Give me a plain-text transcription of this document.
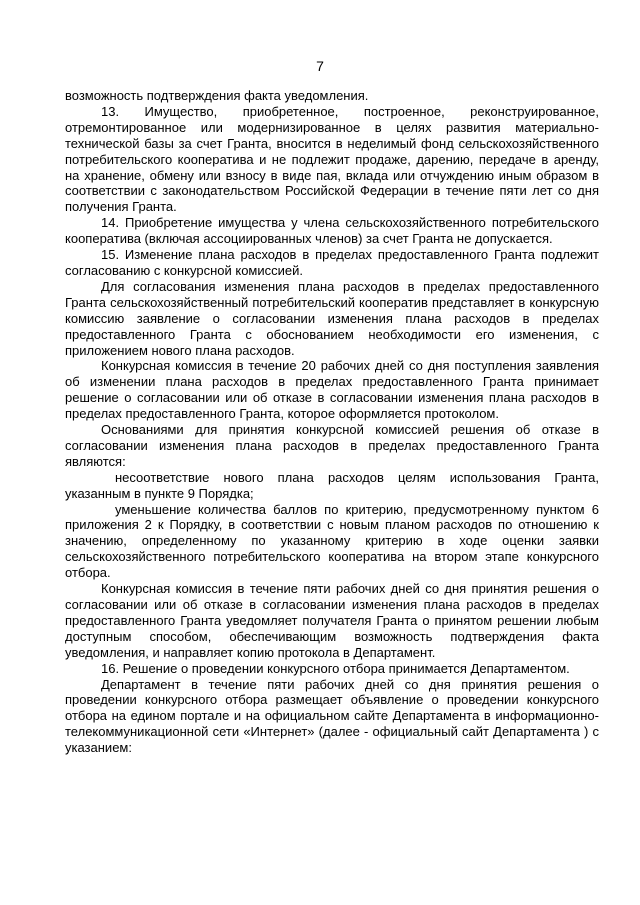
7

возможность подтверждения факта уведомления.

13. Имущество, приобретенное, построенное, реконструированное, отремонтированное или модернизированное в целях развития материально-технической базы за счет Гранта, вносится в неделимый фонд сельскохозяйственного потребительского кооператива и не подлежит продаже, дарению, передаче в аренду, на хранение, обмену или взносу в виде пая, вклада или отчуждению иным образом в соответствии с законодательством Российской Федерации в течение пяти лет со дня получения Гранта.

14. Приобретение имущества у члена сельскохозяйственного потребительского кооператива (включая ассоциированных членов) за счет Гранта не допускается.

15. Изменение плана расходов в пределах предоставленного Гранта подлежит согласованию с конкурсной комиссией.

Для согласования изменения плана расходов в пределах предоставленного Гранта сельскохозяйственный потребительский кооператив представляет в конкурсную комиссию заявление о согласовании изменения плана расходов в пределах предоставленного Гранта с обоснованием необходимости его изменения, с приложением нового плана расходов.

Конкурсная комиссия в течение 20 рабочих дней со дня поступления заявления об изменении плана расходов в пределах предоставленного Гранта принимает решение о согласовании или об отказе в согласовании изменения плана расходов в пределах предоставленного Гранта, которое оформляется протоколом.

Основаниями для принятия конкурсной комиссией решения об отказе в согласовании изменения плана расходов в пределах предоставленного Гранта являются:

несоответствие нового плана расходов целям использования Гранта, указанным в пункте 9 Порядка;

уменьшение количества баллов по критерию, предусмотренному пунктом 6 приложения 2 к Порядку, в соответствии с новым планом расходов по отношению к значению, определенному по указанному критерию в ходе оценки заявки сельскохозяйственного потребительского кооператива на втором этапе конкурсного отбора.

Конкурсная комиссия в течение пяти рабочих дней со дня принятия решения о согласовании или об отказе в согласовании изменения плана расходов в пределах предоставленного Гранта уведомляет получателя Гранта о принятом решении любым доступным способом, обеспечивающим возможность подтверждения факта уведомления, и направляет копию протокола в Департамент.

16. Решение о проведении конкурсного отбора принимается Департаментом.

Департамент в течение пяти рабочих дней со дня принятия решения о проведении конкурсного отбора размещает объявление о проведении конкурсного отбора на едином портале и на официальном сайте Департамента в информационно-телекоммуникационной сети «Интернет» (далее - официальный сайт Департамента ) с указанием:
